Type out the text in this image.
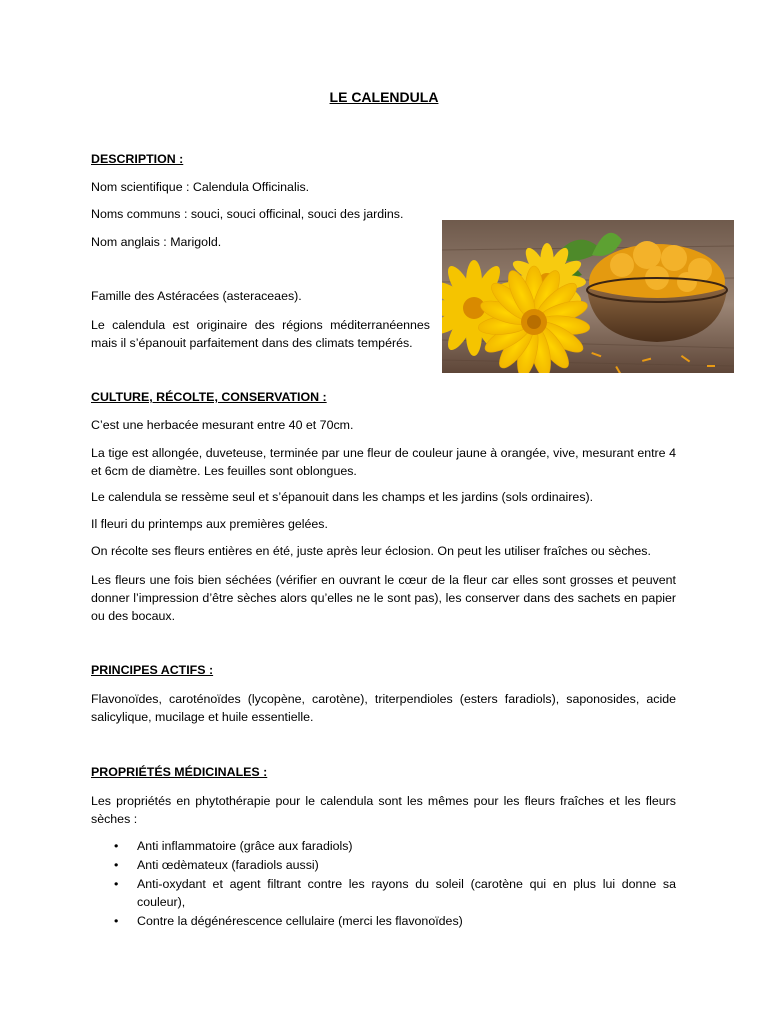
LE CALENDULA
DESCRIPTION :
Nom scientifique : Calendula Officinalis.
Noms communs : souci, souci officinal, souci des jardins.
Nom anglais : Marigold.
Famille des Astéracées (asteraceaes).
Le calendula est originaire des régions méditerranéennes mais il s’épanouit parfaitement dans des climats tempérés.
CULTURE, RÉCOLTE, CONSERVATION :
C’est une herbacée mesurant entre 40 et 70cm.
La tige est allongée, duveteuse, terminée par une fleur de couleur jaune à orangée, vive, mesurant entre 4 et 6cm de diamètre. Les feuilles sont oblongues.
Le calendula se ressème seul et s’épanouit dans les champs et les jardins (sols ordinaires).
Il fleuri du printemps aux premières gelées.
On récolte ses fleurs entières en été, juste après leur éclosion. On peut les utiliser fraîches ou sèches.
Les fleurs une fois bien séchées (vérifier en ouvrant le cœur de la fleur car elles sont grosses et peuvent donner l’impression d’être sèches alors qu’elles ne le sont pas), les conserver dans des sachets en papier ou des bocaux.
PRINCIPES ACTIFS :
Flavonoïdes, caroténoïdes (lycopène, carotène), triterpendioles (esters faradiols), saponosides, acide salicylique, mucilage et huile essentielle.
PROPRIÉTÉS MÉDICINALES :
Les propriétés en phytothérapie pour le calendula sont les mêmes pour les fleurs fraîches et les fleurs sèches :
• Anti inflammatoire (grâce aux faradiols)
• Anti œdèmateux (faradiols aussi)
• Anti-oxydant et agent filtrant contre les rayons du soleil (carotène qui en plus lui donne sa couleur),
• Contre la dégénérescence cellulaire (merci les flavonoïdes)
